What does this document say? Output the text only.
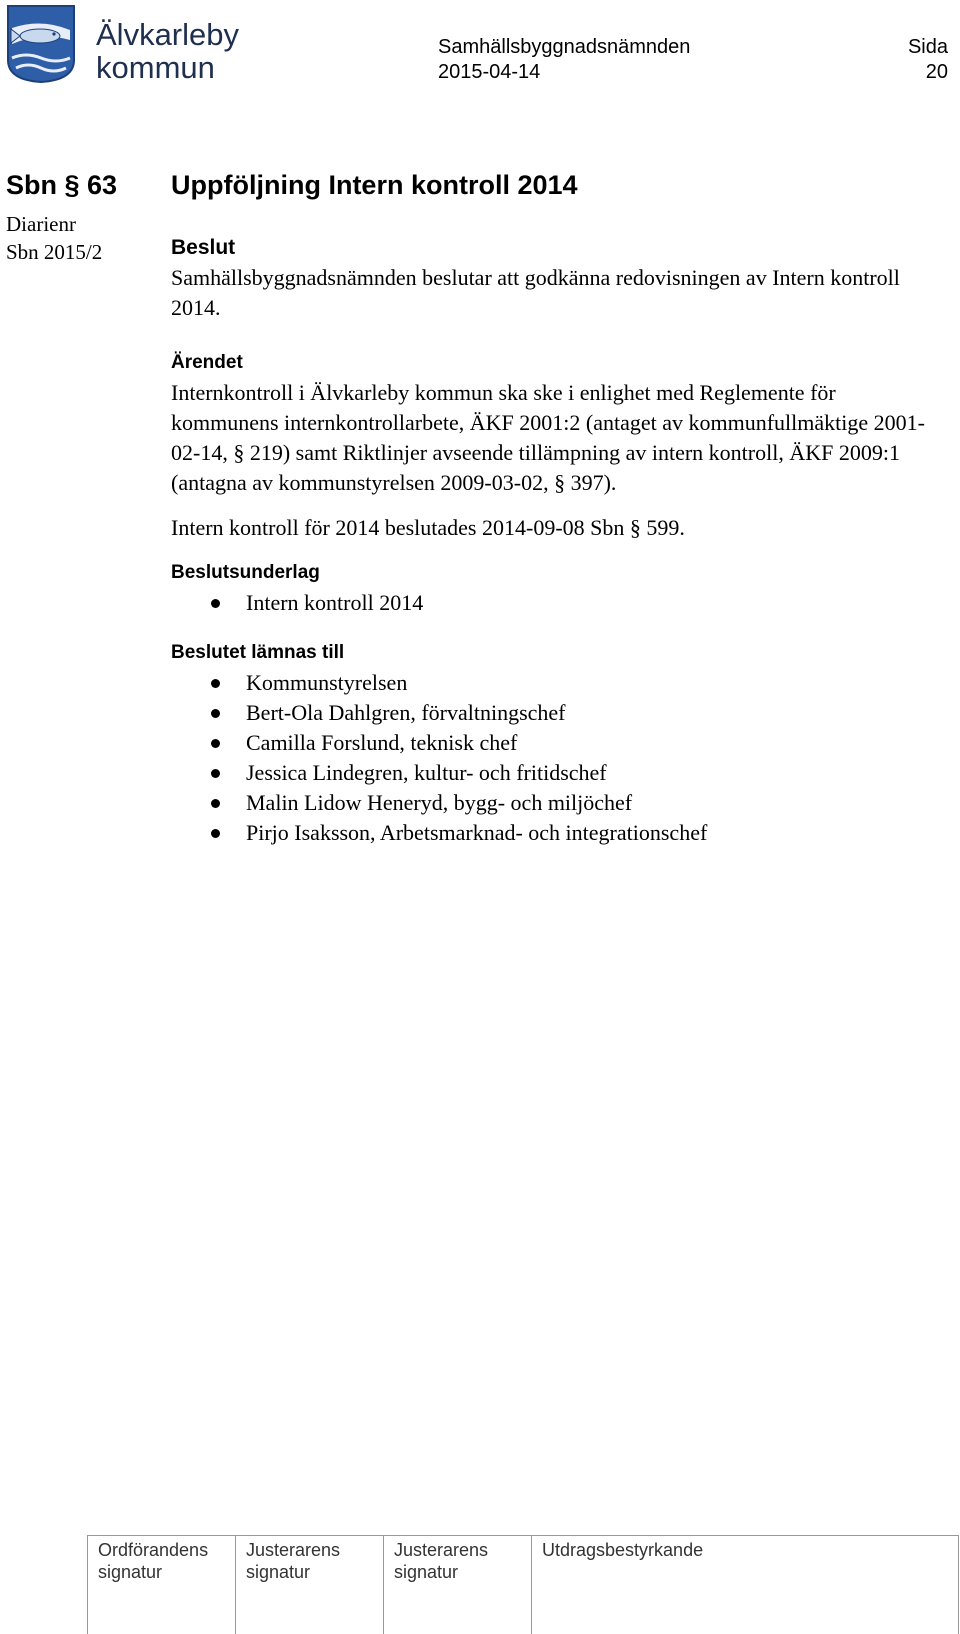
Älvkarleby
kommun
Samhällsbyggnadsnämnden
2015-04-14
Sida
20
Sbn § 63
Diarienr
Sbn 2015/2
Uppföljning Intern kontroll 2014

Beslut

Samhällsbyggnadsnämnden beslutar att godkänna redovisningen av Intern kontroll 2014.

Ärendet

Internkontroll i Älvkarleby kommun ska ske i enlighet med Reglemente för kommunens internkontrollarbete, ÄKF 2001:2 (antaget av kommunfullmäktige 2001-02-14, § 219) samt Riktlinjer avseende tillämpning av intern kontroll, ÄKF 2009:1 (antagna av kommunstyrelsen 2009-03-02, § 397).

Intern kontroll för 2014 beslutades 2014-09-08 Sbn § 599.

Beslutsunderlag

Intern kontroll 2014

Beslutet lämnas till

Kommunstyrelsen
Bert-Ola Dahlgren, förvaltningschef
Camilla Forslund, teknisk chef
Jessica Lindegren, kultur- och fritidschef
Malin Lidow Heneryd, bygg- och miljöchef
Pirjo Isaksson, Arbetsmarknad- och integrationschef
Ordförandens
signatur
Justerarens
signatur
Justerarens
signatur
Utdragsbestyrkande
